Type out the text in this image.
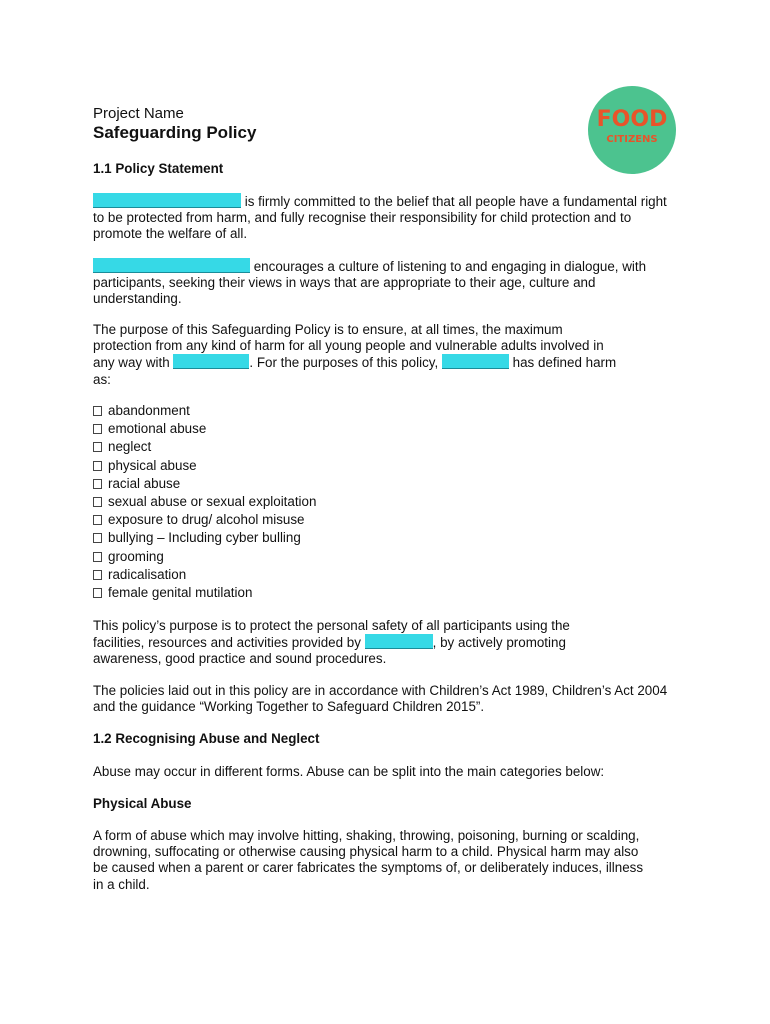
Project Name

Safeguarding Policy

FOOD
CITIZENS

1.1 Policy Statement

is firmly committed to the belief that all people have a fundamental right to be protected from harm, and fully recognise their responsibility for child protection and to promote the welfare of all.
encourages a culture of listening to and engaging in dialogue, with participants, seeking their views in ways that are appropriate to their age, culture and understanding.
The purpose of this Safeguarding Policy is to ensure, at all times, the maximum
protection from any kind of harm for all young people and vulnerable adults involved in
any way with	. For the purposes of this policy,	has defined harm
as:
abandonment
emotional abuse
neglect
physical abuse
racial abuse
sexual abuse or sexual exploitation
exposure to drug/ alcohol misuse
bullying – Including cyber bulling
grooming
radicalisation
female genital mutilation
This policy’s purpose is to protect the personal safety of all participants using the
facilities, resources and activities provided by	, by actively promoting
awareness, good practice and sound procedures.

The policies laid out in this policy are in accordance with Children’s Act 1989, Children’s Act 2004 and the guidance “Working Together to Safeguard Children 2015”.

1.2 Recognising Abuse and Neglect

Abuse may occur in different forms. Abuse can be split into the main categories below:

Physical Abuse

A form of abuse which may involve hitting, shaking, throwing, poisoning, burning or scalding, drowning, suffocating or otherwise causing physical harm to a child. Physical harm may also be caused when a parent or carer fabricates the symptoms of, or deliberately induces, illness in a child.
